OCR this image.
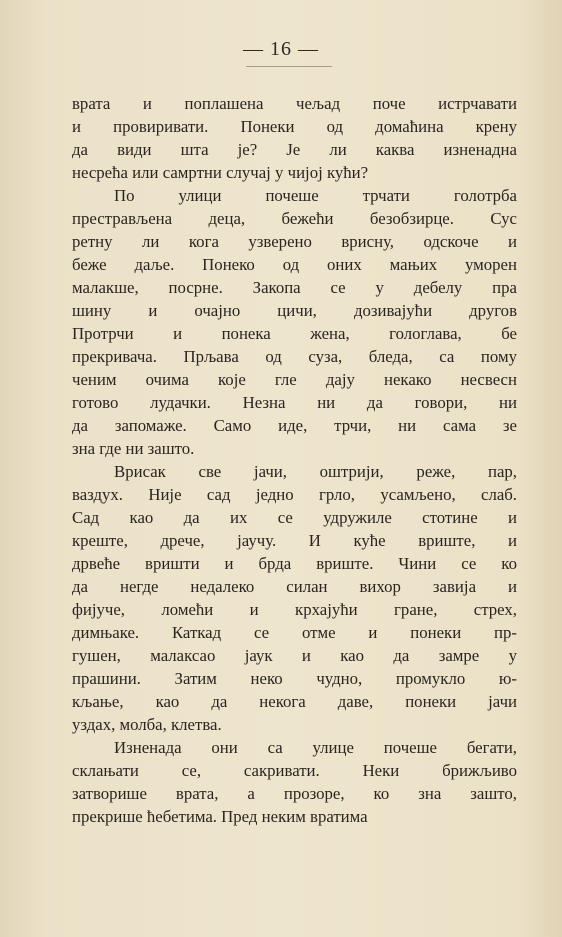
— 16 —
врата и поплашена чељад поче истрчавати
и провиривати. Понеки од домаћина крену
да види шта је? Је ли каква изненадна
несрећа или самртни случај у чијој кући?
По улици почеше трчати голотрба
престрављена деца, бежећи безобзирце. Сус
ретну ли кога узверено врисну, одскоче и
беже даље. Понеко од оних мањих уморен
малакше, посрне. Закопа се у дебелу пра
шину и очајно цичи, дозивајући другов
Протрчи и понека жена, гологлава, бе
прекривача. Прљава од суза, бледа, са пому
ченим очима које гле дају некако несвесн
готово лудачки. Незна ни да говори, ни
да запомаже. Само иде, трчи, ни сама зе
зна где ни зашто.
Врисак све јачи, оштрији, реже, пар,
ваздух. Није сад једно грло, усамљено, слаб.
Сад као да их се удружиле стотине и
креште, дрече, јаучу. И куће вриште, и
дрвеће вришти и брда вриште. Чини се ко
да негде недалеко силан вихор завија и
фијуче, ломећи и крхајући гране, стрех,
димњаке. Каткад се отме и понеки пр-
гушен, малаксао јаук и као да замре у
прашини. Затим неко чудно, промукло ю-
кљање, као да некога даве, понеки јачи
уздах, молба, клетва.
Изненада они са улице почеше бегати,
склањати се, сакривати. Неки брижљиво
затворише врата, а прозоре, ко зна зашто,
прекрише ћебетима. Пред неким вратима
